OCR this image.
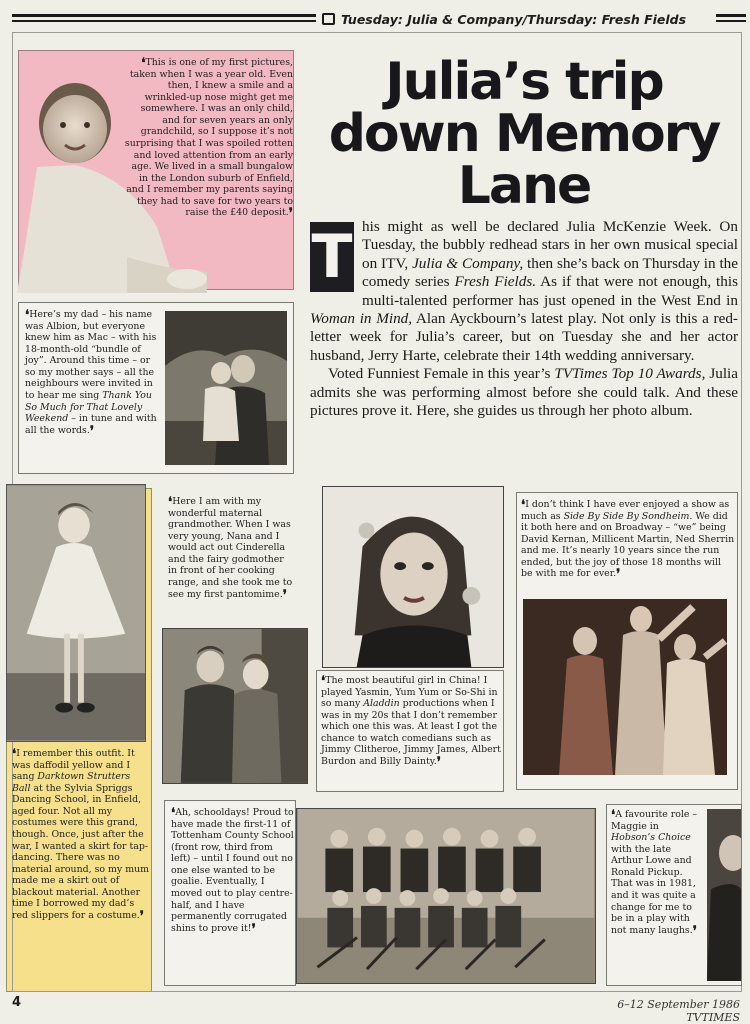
Tuesday: Julia & Company/Thursday: Fresh Fields
❛This is one of my first pictures, taken when I was a year old. Even then, I knew a smile and a wrinkled-up nose might get me somewhere. I was an only child, and for seven years an only grandchild, so I suppose it’s not surprising that I was spoiled rotten and loved attention from an early age. We lived in a small bungalow in the London suburb of Enfield, and I remember my parents saying they had to save for two years to raise the £40 deposit.❜
❛Here’s my dad – his name was Albion, but everyone knew him as Mac – with his 18-month-old “bundle of joy”. Around this time – or so my mother says – all the neighbours were invited in to hear me sing Thank You So Much for That Lovely Weekend – in tune and with all the words.❜
Julia’s trip
down Memory
Lane
T his might as well be declared Julia McKenzie Week. On Tuesday, the bubbly redhead stars in her own musical special on ITV, Julia & Company, then she’s back on Thursday in the comedy series Fresh Fields. As if that were not enough, this multi-talented performer has just opened in the West End in Woman in Mind, Alan Ayckbourn’s latest play. Not only is this a red-letter week for Julia’s career, but on Tuesday she and her actor husband, Jerry Harte, celebrate their 14th wedding anniversary.

Voted Funniest Female in this year’s TVTimes Top 10 Awards, Julia admits she was performing almost before she could talk. And these pictures prove it. Here, she guides us through her photo album.

❛I remember this outfit. It was daffodil yellow and I sang Darktown Strutters Ball at the Sylvia Spriggs Dancing School, in Enfield, aged four. Not all my costumes were this grand, though. Once, just after the war, I wanted a skirt for tap-dancing. There was no material around, so my mum made me a skirt out of blackout material. Another time I borrowed my dad’s red slippers for a costume.❜
❛Here I am with my wonderful maternal grandmother. When I was very young, Nana and I would act out Cinderella and the fairy godmother in front of her cooking range, and she took me to see my first pantomime.❜
❛The most beautiful girl in China! I played Yasmin, Yum Yum or So-Shi in so many Aladdin productions when I was in my 20s that I don’t remember which one this was. At least I got the chance to watch comedians such as Jimmy Clitheroe, Jimmy James, Albert Burdon and Billy Dainty.❜
❛I don’t think I have ever enjoyed a show as much as Side By Side By Sondheim. We did it both here and on Broadway – “we” being David Kernan, Millicent Martin, Ned Sherrin and me. It’s nearly 10 years since the run ended, but the joy of those 18 months will be with me for ever.❜
❛Ah, schooldays! Proud to have made the first-11 of Tottenham County School (front row, third from left) – until I found out no one else wanted to be goalie. Eventually, I moved out to play centre-half, and I have permanently corrugated shins to prove it!❜
❛A favourite role – Maggie in Hobson’s Choice with the late Arthur Lowe and Ronald Pickup. That was in 1981, and it was quite a change for me to be in a play with not many laughs.❜
4	6–12 September 1986 TVTIMES
